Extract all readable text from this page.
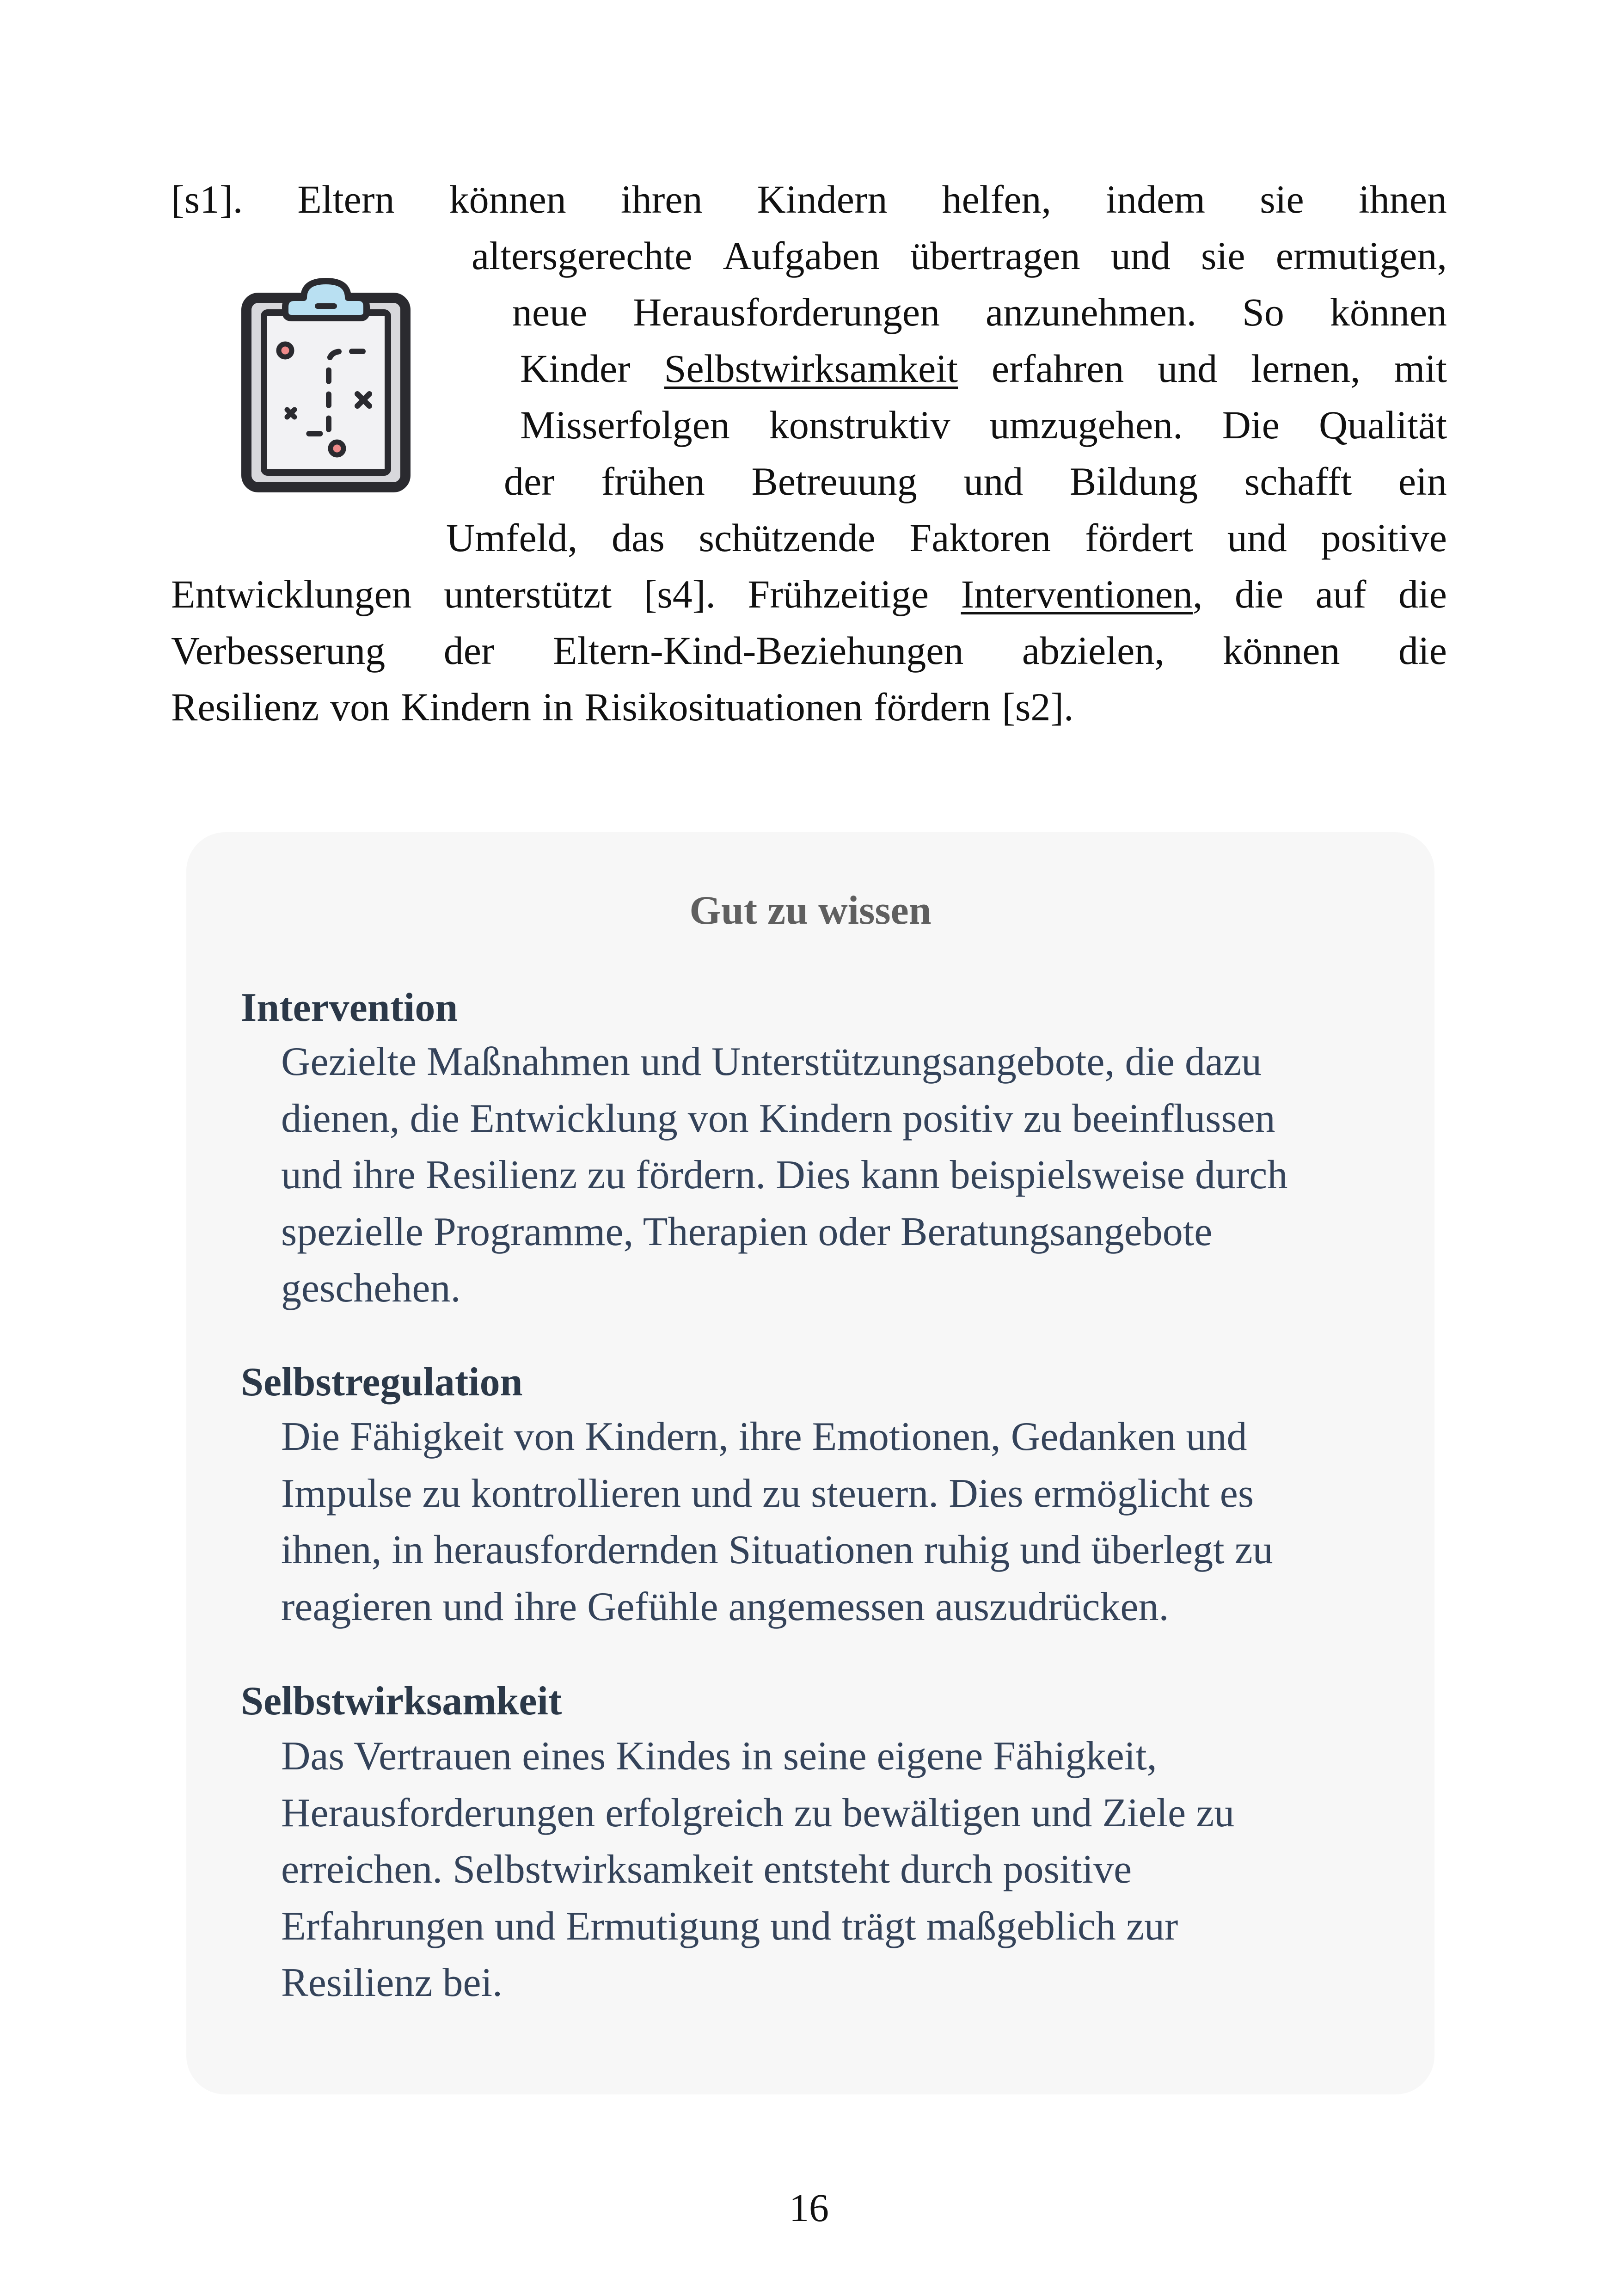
[s1]. Eltern können ihren Kindern helfen, indem sie ihnen
altersgerechte Aufgaben übertragen und sie ermutigen,
neue Herausforderungen anzunehmen. So können
Kinder Selbstwirksamkeit erfahren und lernen, mit
Misserfolgen konstruktiv umzugehen. Die Qualität
der frühen Betreuung und Bildung schafft ein
Umfeld, das schützende Faktoren fördert und positive
Entwicklungen unterstützt [s4]. Frühzeitige Interventionen, die auf die
Verbesserung der Eltern-Kind-Beziehungen abzielen, können die
Resilienz von Kindern in Risikosituationen fördern [s2].
Gut zu wissen
Intervention
Gezielte Maßnahmen und Unterstützungsangebote, die dazu
dienen, die Entwicklung von Kindern positiv zu beeinflussen
und ihre Resilienz zu fördern. Dies kann beispielsweise durch
spezielle Programme, Therapien oder Beratungsangebote
geschehen.
Selbstregulation
Die Fähigkeit von Kindern, ihre Emotionen, Gedanken und
Impulse zu kontrollieren und zu steuern. Dies ermöglicht es
ihnen, in herausfordernden Situationen ruhig und überlegt zu
reagieren und ihre Gefühle angemessen auszudrücken.
Selbstwirksamkeit
Das Vertrauen eines Kindes in seine eigene Fähigkeit,
Herausforderungen erfolgreich zu bewältigen und Ziele zu
erreichen. Selbstwirksamkeit entsteht durch positive
Erfahrungen und Ermutigung und trägt maßgeblich zur
Resilienz bei.
16
